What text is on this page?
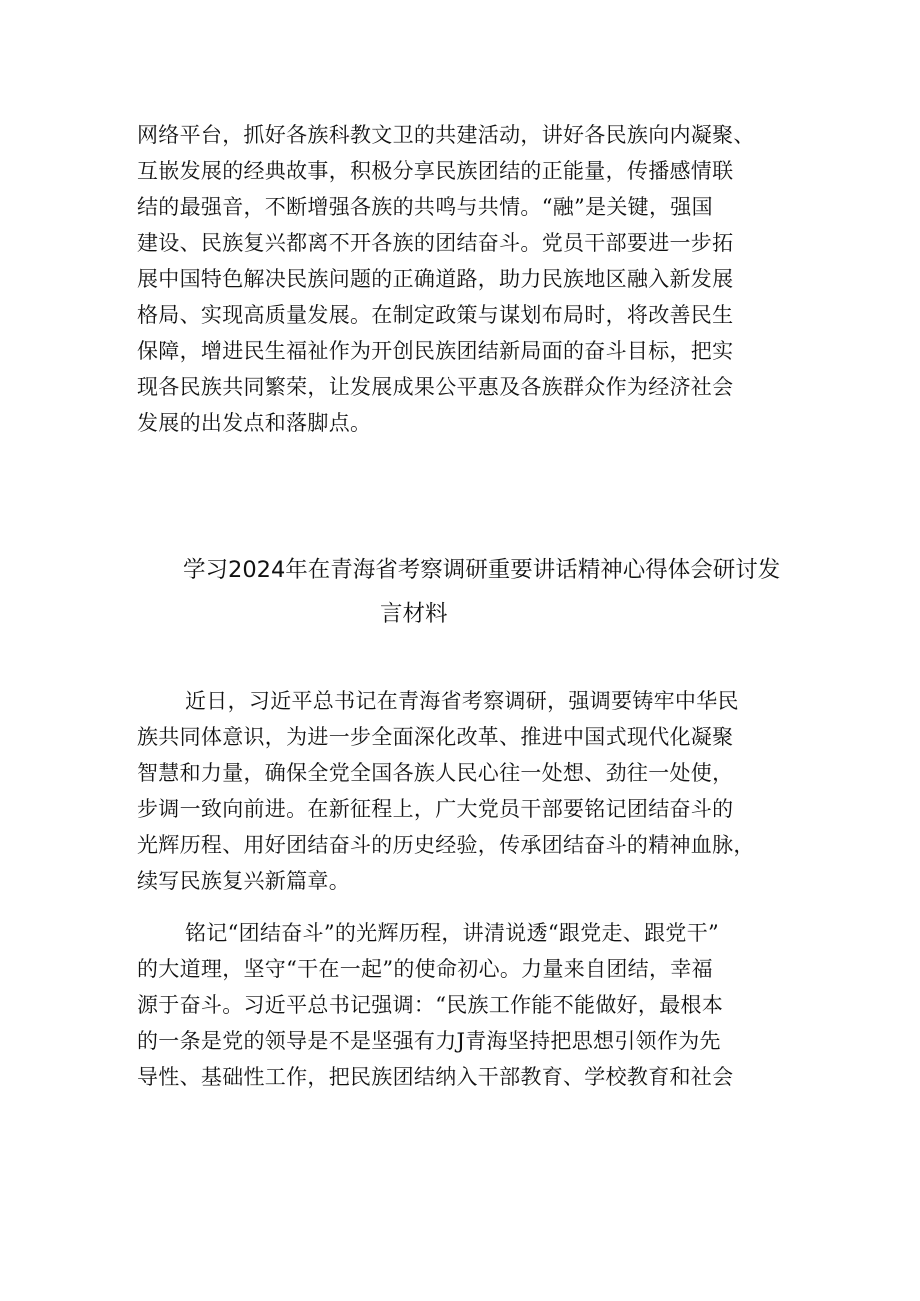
网络平台，抓好各族科教文卫的共建活动，讲好各民族向内凝聚、
互嵌发展的经典故事，积极分享民族团结的正能量，传播感情联
结的最强音，不断增强各族的共鸣与共情。“融”是关键，强国
建设、民族复兴都离不开各族的团结奋斗。党员干部要进一步拓
展中国特色解决民族问题的正确道路，助力民族地区融入新发展
格局、实现高质量发展。在制定政策与谋划布局时，将改善民生
保障，增进民生福祉作为开创民族团结新局面的奋斗目标，把实
现各民族共同繁荣，让发展成果公平惠及各族群众作为经济社会
发展的出发点和落脚点。
学习2024年在青海省考察调研重要讲话精神心得体会研讨发
言材料
近日，习近平总书记在青海省考察调研，强调要铸牢中华民
族共同体意识，为进一步全面深化改革、推进中国式现代化凝聚
智慧和力量，确保全党全国各族人民心往一处想、劲往一处使，
步调一致向前进。在新征程上，广大党员干部要铭记团结奋斗的
光辉历程、用好团结奋斗的历史经验，传承团结奋斗的精神血脉，
续写民族复兴新篇章。
铭记“团结奋斗”的光辉历程，讲清说透“跟党走、跟党干”
的大道理，坚守“干在一起”的使命初心。力量来自团结，幸福
源于奋斗。习近平总书记强调：“民族工作能不能做好，最根本
的一条是党的领导是不是坚强有力J青海坚持把思想引领作为先
导性、基础性工作，把民族团结纳入干部教育、学校教育和社会
